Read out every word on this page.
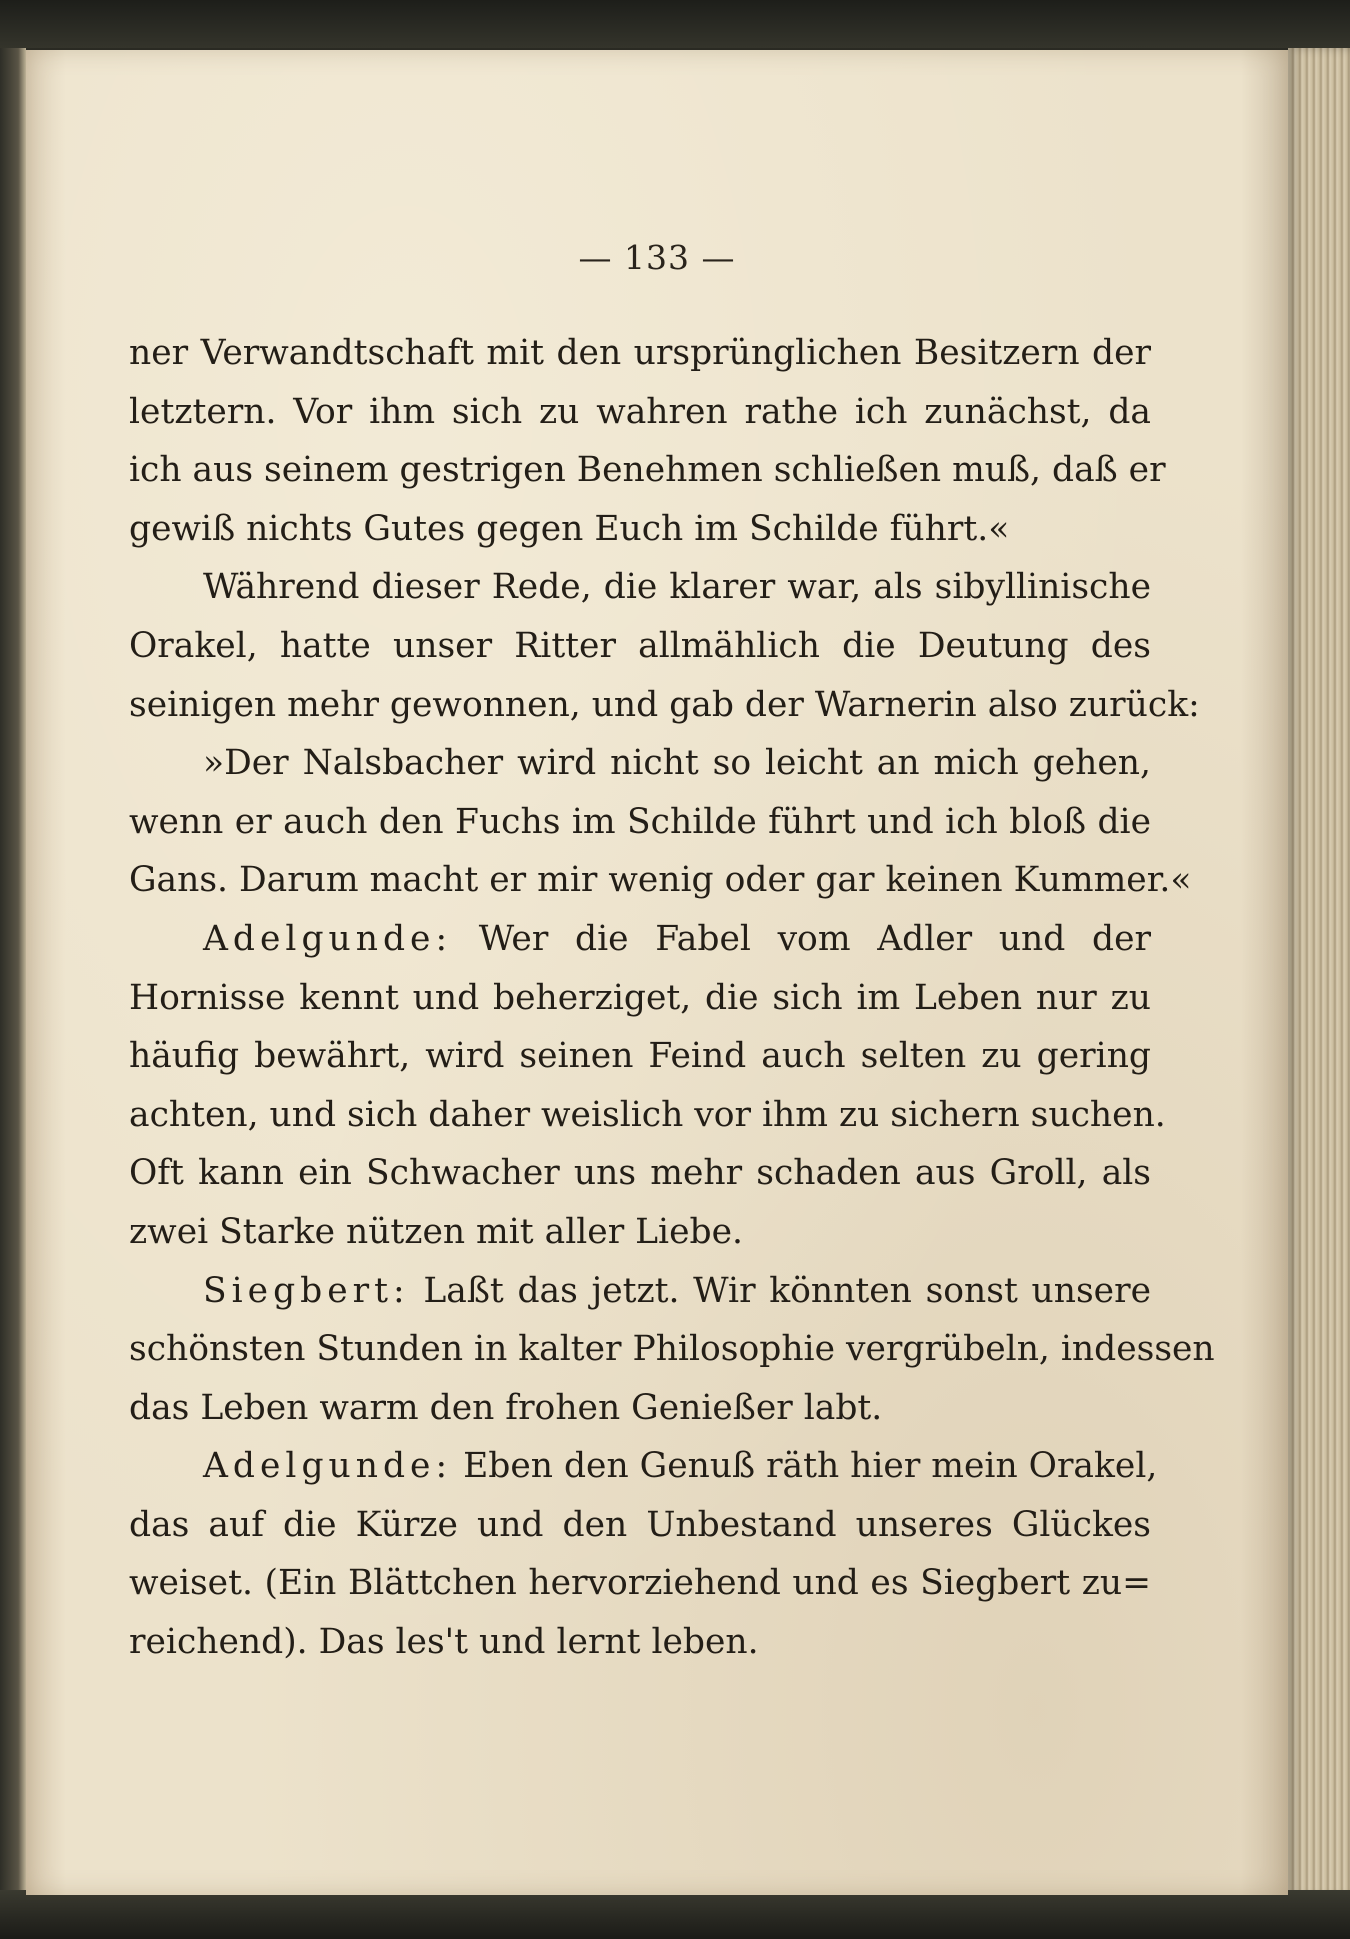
— 133 —
ner Verwandtschaft mit den ursprünglichen Besitzern der
letztern. Vor ihm sich zu wahren rathe ich zunächst, da
ich aus seinem gestrigen Benehmen schließen muß, daß er
gewiß nichts Gutes gegen Euch im Schilde führt.«
Während dieser Rede, die klarer war, als sibyllinische
Orakel, hatte unser Ritter allmählich die Deutung des
seinigen mehr gewonnen, und gab der Warnerin also zurück:
»Der Nalsbacher wird nicht so leicht an mich gehen,
wenn er auch den Fuchs im Schilde führt und ich bloß die
Gans. Darum macht er mir wenig oder gar keinen Kummer.«
Adelgunde: Wer die Fabel vom Adler und der
Hornisse kennt und beherziget, die sich im Leben nur zu
häufig bewährt, wird seinen Feind auch selten zu gering
achten, und sich daher weislich vor ihm zu sichern suchen.
Oft kann ein Schwacher uns mehr schaden aus Groll, als
zwei Starke nützen mit aller Liebe.
Siegbert: Laßt das jetzt. Wir könnten sonst unsere
schönsten Stunden in kalter Philosophie vergrübeln, indessen
das Leben warm den frohen Genießer labt.
Adelgunde: Eben den Genuß räth hier mein Orakel,
das auf die Kürze und den Unbestand unseres Glückes
weiset. (Ein Blättchen hervorziehend und es Siegbert zu=
reichend). Das les't und lernt leben.
